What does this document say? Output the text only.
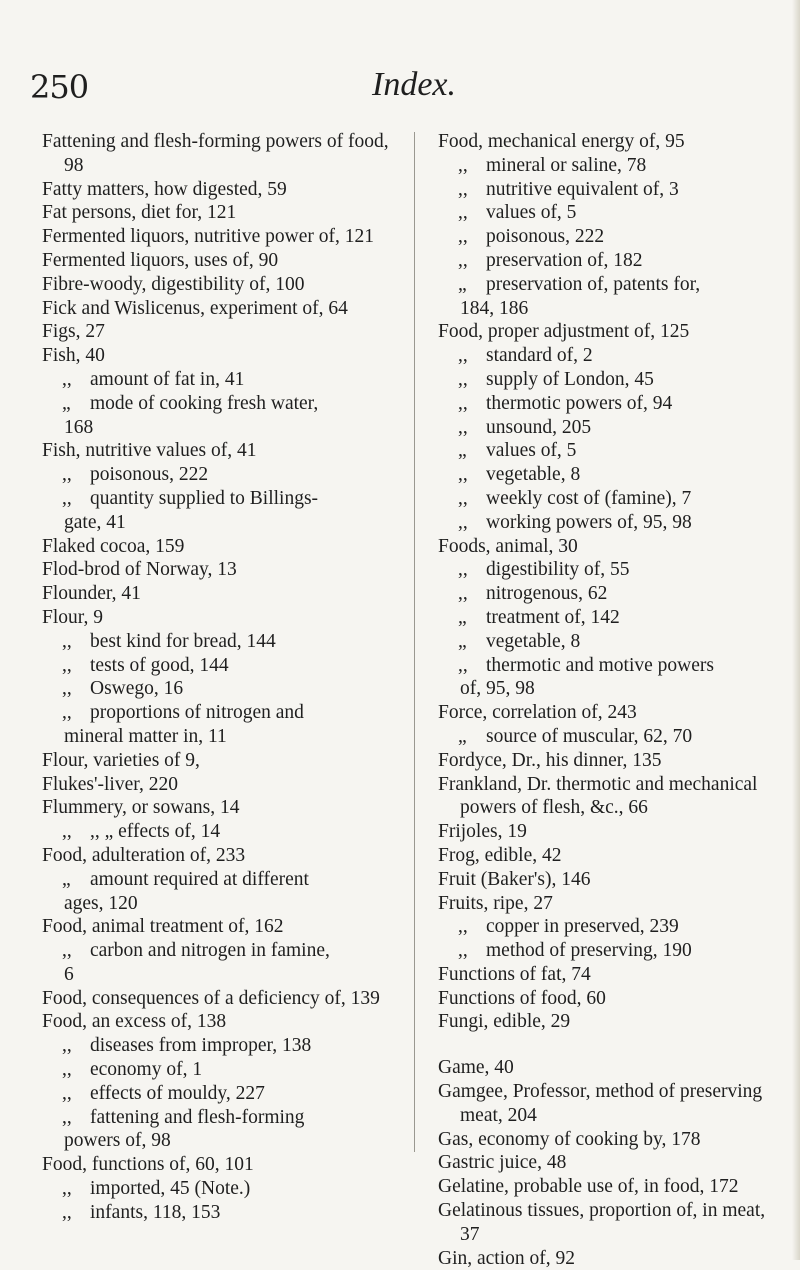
250	Index.

Fattening and flesh-forming powers of food, 98

Fatty matters, how digested, 59

Fat persons, diet for, 121

Fermented liquors, nutritive power of, 121

Fermented liquors, uses of, 90

Fibre-woody, digestibility of, 100

Fick and Wislicenus, experiment of, 64

Figs, 27

Fish, 40

,, amount of fat in, 41

„ mode of cooking fresh water,

168

Fish, nutritive values of, 41

,, poisonous, 222

,, quantity supplied to Billings-

gate, 41

Flaked cocoa, 159

Flod-brod of Norway, 13

Flounder, 41

Flour, 9

,, best kind for bread, 144

,, tests of good, 144

,, Oswego, 16

,, proportions of nitrogen and

mineral matter in, 11

Flour, varieties of 9,

Flukes'-liver, 220

Flummery, or sowans, 14

,, ,, „ effects of, 14

Food, adulteration of, 233

„ amount required at different

ages, 120

Food, animal treatment of, 162

,, carbon and nitrogen in famine,

6

Food, consequences of a deficiency of, 139

Food, an excess of, 138

,, diseases from improper, 138

,, economy of, 1

,, effects of mouldy, 227

,, fattening and flesh-forming

powers of, 98

Food, functions of, 60, 101

,, imported, 45 (Note.)

,, infants, 118, 153

Food, mechanical energy of, 95

,, mineral or saline, 78

,, nutritive equivalent of, 3

,, values of, 5

,, poisonous, 222

,, preservation of, 182

„ preservation of, patents for,

184, 186

Food, proper adjustment of, 125

,, standard of, 2

,, supply of London, 45

,, thermotic powers of, 94

,, unsound, 205

„ values of, 5

,, vegetable, 8

,, weekly cost of (famine), 7

,, working powers of, 95, 98

Foods, animal, 30

,, digestibility of, 55

,, nitrogenous, 62

„ treatment of, 142

„ vegetable, 8

,, thermotic and motive powers

of, 95, 98

Force, correlation of, 243

„ source of muscular, 62, 70

Fordyce, Dr., his dinner, 135

Frankland, Dr. thermotic and mechanical powers of flesh, &c., 66

Frijoles, 19

Frog, edible, 42

Fruit (Baker's), 146

Fruits, ripe, 27

,, copper in preserved, 239

,, method of preserving, 190

Functions of fat, 74

Functions of food, 60

Fungi, edible, 29

Game, 40

Gamgee, Professor, method of preserving meat, 204

Gas, economy of cooking by, 178

Gastric juice, 48

Gelatine, probable use of, in food, 172

Gelatinous tissues, proportion of, in meat, 37

Gin, action of, 92
